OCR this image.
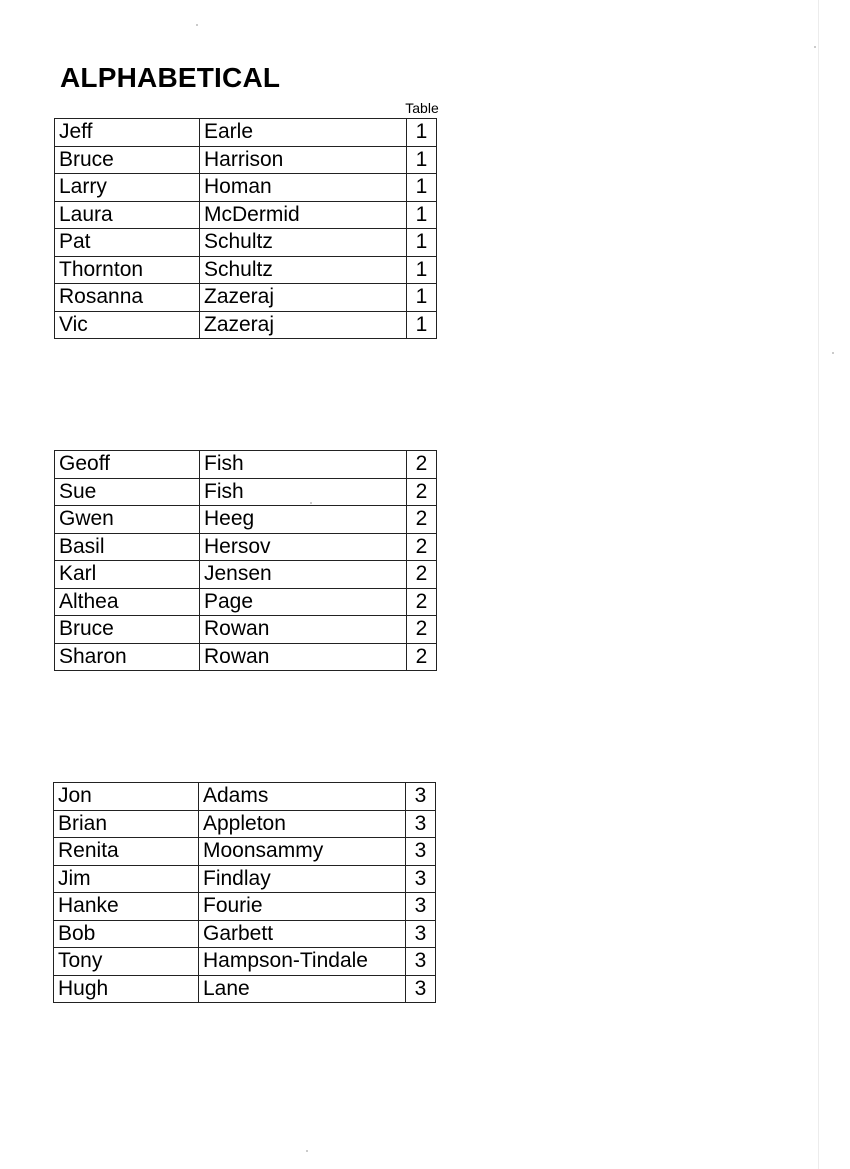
ALPHABETICAL
Table
Jeff	Earle	1
Bruce	Harrison	1
Larry	Homan	1
Laura	McDermid	1
Pat	Schultz	1
Thornton	Schultz	1
Rosanna	Zazeraj	1
Vic	Zazeraj	1
Geoff	Fish	2
Sue	Fish	2
Gwen	Heeg	2
Basil	Hersov	2
Karl	Jensen	2
Althea	Page	2
Bruce	Rowan	2
Sharon	Rowan	2
Jon	Adams	3
Brian	Appleton	3
Renita	Moonsammy	3
Jim	Findlay	3
Hanke	Fourie	3
Bob	Garbett	3
Tony	Hampson-Tindale	3
Hugh	Lane	3
